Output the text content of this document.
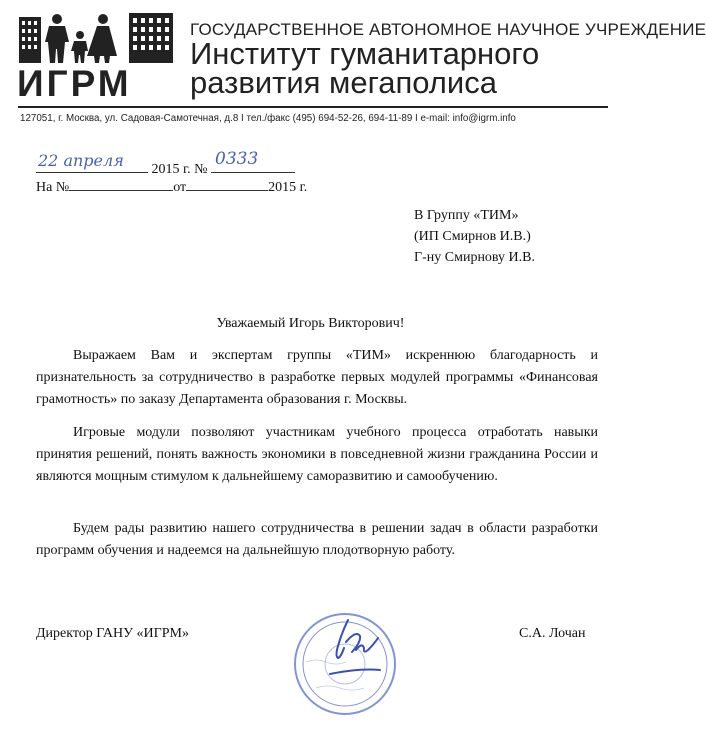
ИГРМ
ГОСУДАРСТВЕННОЕ АВТОНОМНОЕ НАУЧНОЕ УЧРЕЖДЕНИЕ
Институт гуманитарного
развития мегаполиса
127051, г. Москва, ул. Садовая-Самотечная, д.8 I тел./факс (495) 694-52-26, 694-11-89 I e-mail: info@igrm.info
22 апреля 2015 г. №
0333
На №	от	2015 г.
В Группу «ТИМ»
(ИП Смирнов И.В.)
Г-ну Смирнову И.В.
Уважаемый Игорь Викторович!

Выражаем Вам и экспертам группы «ТИМ» искреннюю благодарность и признательность за сотрудничество в разработке первых модулей программы «Финансовая грамотность» по заказу Департамента образования г. Москвы.

Игровые модули позволяют участникам учебного процесса отработать навыки принятия решений, понять важность экономики в повседневной жизни гражданина России и являются мощным стимулом к дальнейшему саморазвитию и самообучению.

Будем рады развитию нашего сотрудничества в решении задач в области разработки программ обучения и надеемся на дальнейшую плодотворную работу.

Директор ГАНУ «ИГРМ»	С.А. Лочан
